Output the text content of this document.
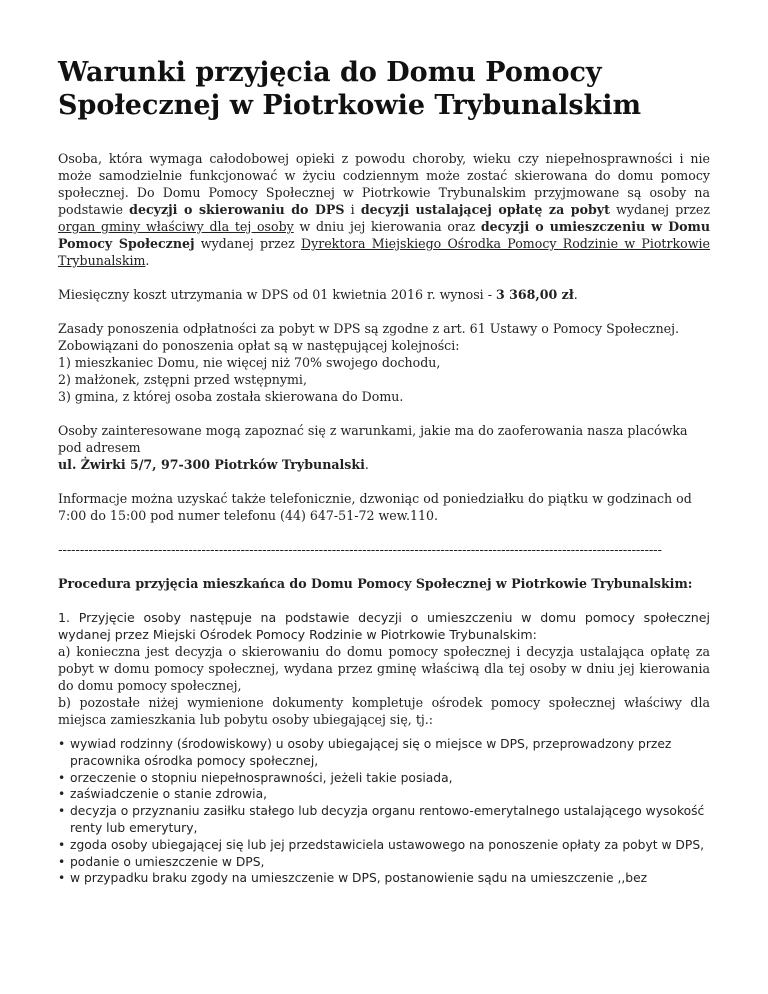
Warunki przyjęcia do Domu Pomocy Społecznej w Piotrkowie Trybunalskim

Osoba, która wymaga całodobowej opieki z powodu choroby, wieku czy niepełnosprawności i nie może samodzielnie funkcjonować w życiu codziennym może zostać skierowana do domu pomocy społecznej. Do Domu Pomocy Społecznej w Piotrkowie Trybunalskim przyjmowane są osoby na podstawie decyzji o skierowaniu do DPS i decyzji ustalającej opłatę za pobyt wydanej przez organ gminy właściwy dla tej osoby w dniu jej kierowania oraz decyzji o umieszczeniu w Domu Pomocy Społecznej wydanej przez Dyrektora Miejskiego Ośrodka Pomocy Rodzinie w Piotrkowie Trybunalskim.

Miesięczny koszt utrzymania w DPS od 01 kwietnia 2016 r. wynosi - 3 368,00 zł.

Zasady ponoszenia odpłatności za pobyt w DPS są zgodne z art. 61 Ustawy o Pomocy Społecznej.
Zobowiązani do ponoszenia opłat są w następującej kolejności:
1) mieszkaniec Domu, nie więcej niż 70% swojego dochodu,
2) małżonek, zstępni przed wstępnymi,
3) gmina, z której osoba została skierowana do Domu.

Osoby zainteresowane mogą zapoznać się z warunkami, jakie ma do zaoferowania nasza placówka pod adresem
ul. Żwirki 5/7, 97-300 Piotrków Trybunalski.

Informacje można uzyskać także telefonicznie, dzwoniąc od poniedziałku do piątku w godzinach od 7:00 do 15:00 pod numer telefonu (44) 647-51-72 wew.110.

-------------------------------------------------------------------------------------------------------------------------------------------

Procedura przyjęcia mieszkańca do Domu Pomocy Społecznej w Piotrkowie Trybunalskim:

1. Przyjęcie osoby następuje na podstawie decyzji o umieszczeniu w domu pomocy społecznej wydanej przez Miejski Ośrodek Pomocy Rodzinie w Piotrkowie Trybunalskim:
a) konieczna jest decyzja o skierowaniu do domu pomocy społecznej i decyzja ustalająca opłatę za pobyt w domu pomocy społecznej, wydana przez gminę właściwą dla tej osoby w dniu jej kierowania do domu pomocy społecznej,
b) pozostałe niżej wymienione dokumenty kompletuje ośrodek pomocy społecznej właściwy dla miejsca zamieszkania lub pobytu osoby ubiegającej się, tj.:

• wywiad rodzinny (środowiskowy) u osoby ubiegającej się o miejsce w DPS, przeprowadzony przez pracownika ośrodka pomocy społecznej,
• orzeczenie o stopniu niepełnosprawności, jeżeli takie posiada,
• zaświadczenie o stanie zdrowia,
• decyzja o przyznaniu zasiłku stałego lub decyzja organu rentowo-emerytalnego ustalającego wysokość renty lub emerytury,
• zgoda osoby ubiegającej się lub jej przedstawiciela ustawowego na ponoszenie opłaty za pobyt w DPS,
• podanie o umieszczenie w DPS,
• w przypadku braku zgody na umieszczenie w DPS, postanowienie sądu na umieszczenie ,,bez
